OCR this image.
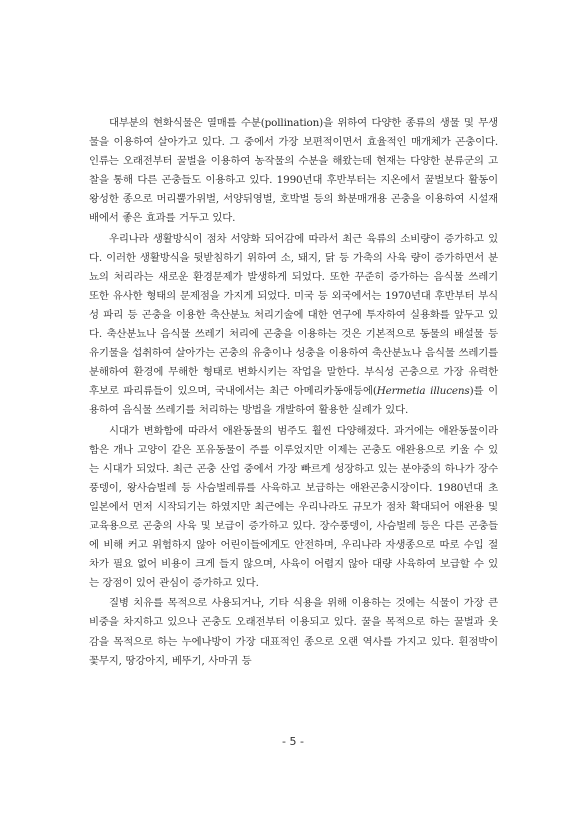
대부분의 현화식물은 열매를 수분(pollination)을 위하여 다양한 종류의 생물 및 무생물을 이용하여 살아가고 있다. 그 중에서 가장 보편적이면서 효율적인 매개체가 곤충이다. 인류는 오래전부터 꿀벌을 이용하여 농작물의 수분을 해왔는데 현재는 다양한 분류군의 고찰을 통해 다른 곤충들도 이용하고 있다. 1990년대 후반부터는 지온에서 꿀벌보다 활동이 왕성한 종으로 머리뿔가위벌, 서양뒤영벌, 호박벌 등의 화분매개용 곤충을 이용하여 시설재배에서 좋은 효과를 거두고 있다.

우리나라 생활방식이 점차 서양화 되어감에 따라서 최근 육류의 소비량이 증가하고 있다. 이러한 생활방식을 뒷받침하기 위하여 소, 돼지, 닭 등 가축의 사육 량이 증가하면서 분뇨의 처리라는 새로운 환경문제가 발생하게 되었다. 또한 꾸준히 증가하는 음식물 쓰레기 또한 유사한 형태의 문제점을 가지게 되었다. 미국 등 외국에서는 1970년대 후반부터 부식성 파리 등 곤충을 이용한 축산분뇨 처리기술에 대한 연구에 투자하여 실용화를 앞두고 있다. 축산분뇨나 음식물 쓰레기 처리에 곤충을 이용하는 것은 기본적으로 동물의 배설물 등 유기물을 섭취하여 살아가는 곤충의 유충이나 성충을 이용하여 축산분뇨나 음식물 쓰레기를 분해하여 환경에 무해한 형태로 변화시키는 작업을 말한다. 부식성 곤충으로 가장 유력한 후보로 파리류들이 있으며, 국내에서는 최근 아메리카동애등에(Hermetia illucens)를 이용하여 음식물 쓰레기를 처리하는 방법을 개발하여 활용한 실례가 있다.

시대가 변화함에 따라서 애완동물의 범주도 훨씬 다양해졌다. 과거에는 애완동물이라 함은 개나 고양이 같은 포유동물이 주를 이루었지만 이제는 곤충도 애완용으로 키울 수 있는 시대가 되었다. 최근 곤충 산업 중에서 가장 빠르게 성장하고 있는 분야중의 하나가 장수풍뎅이, 왕사슴벌레 등 사슴벌레류를 사육하고 보급하는 애완곤충시장이다. 1980년대 초 일본에서 먼저 시작되기는 하였지만 최근에는 우리나라도 규모가 점차 확대되어 애완용 및 교육용으로 곤충의 사육 및 보급이 증가하고 있다. 장수풍뎅이, 사슴벌레 등은 다른 곤충들에 비해 커고 위험하지 않아 어린이들에게도 안전하며, 우리나라 자생종으로 따로 수입 절차가 필요 없어 비용이 크게 들지 않으며, 사육이 어렵지 않아 대량 사육하여 보급할 수 있는 장점이 있어 관심이 증가하고 있다.

질병 치유를 목적으로 사용되거나, 기타 식용을 위해 이용하는 것에는 식물이 가장 큰 비중을 차지하고 있으나 곤충도 오래전부터 이용되고 있다. 꿀을 목적으로 하는 꿀벌과 옷감을 목적으로 하는 누에나방이 가장 대표적인 종으로 오랜 역사를 가지고 있다. 흰점박이꽃무지, 땅강아지, 베뚜기, 사마귀 등

- 5 -
